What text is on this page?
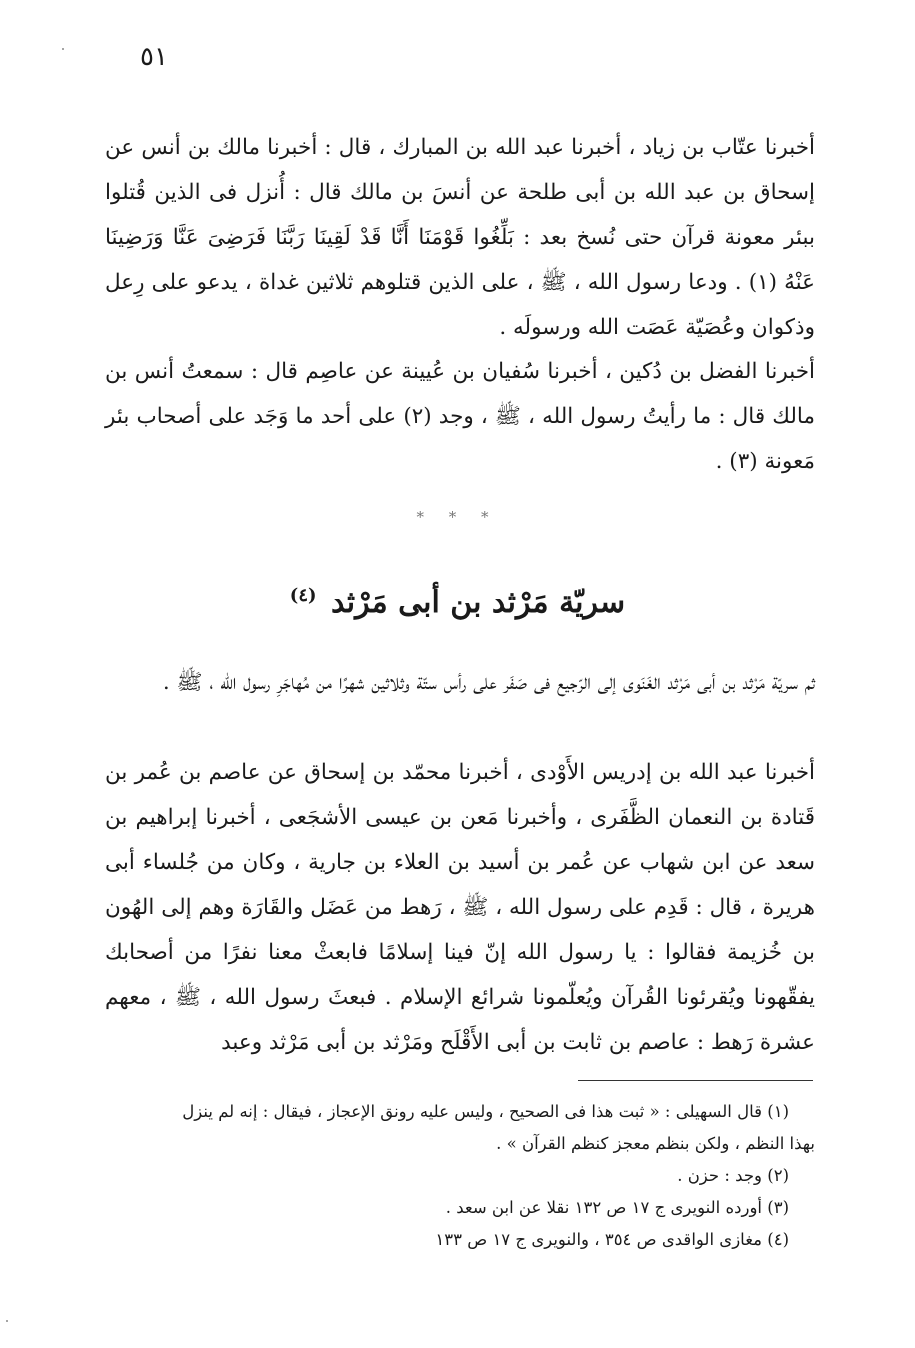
٥١

أخبرنا عتّاب بن زياد ، أخبرنا عبد الله بن المبارك ، قال : أخبرنا مالك بن أنس عن إسحاق بن عبد الله بن أبى طلحة عن أنسَ بن مالك قال : أُنزل فى الذين قُتلوا ببئر معونة قرآن حتى نُسخ بعد : بَلِّغُوا قَوْمَنَا أَنَّا قَدْ لَقِينَا رَبَّنَا فَرَضِىَ عَنَّا وَرَضِينَا عَنْهُ (١) . ودعا رسول الله ، ﷺ ، على الذين قتلوهم ثلاثين غداة ، يدعو على رِعل وذكوان وعُصَيّة عَصَت الله ورسولَه .

أخبرنا الفضل بن دُكين ، أخبرنا سُفيان بن عُيينة عن عاصِم قال : سمعتُ أنس بن مالك قال : ما رأيتُ رسول الله ، ﷺ ، وجد (٢) على أحد ما وَجَد على أصحاب بئر مَعونة (٣) .

* * *
سريّة مَرْثد بن أبى مَرْثد $^{(٤)}$

ثم سريّة مَرْثد بن أبى مَرْثد الغَنَوى إلى الرّجيع فى صَفَر على رأس ستّة وثلاثين شهرًا من مُهاجَرِ رسول الله ، ﷺ .

أخبرنا عبد الله بن إدريس الأَوْدى ، أخبرنا محمّد بن إسحاق عن عاصم بن عُمر بن قَتادة بن النعمان الظَّفَرى ، وأخبرنا مَعن بن عيسى الأشجَعى ، أخبرنا إبراهيم بن سعد عن ابن شهاب عن عُمر بن أسيد بن العلاء بن جارية ، وكان من جُلساء أبى هريرة ، قال : قَدِم على رسول الله ، ﷺ ، رَهط من عَضَل والقَارَة وهم إلى الهُون بن خُزيمة فقالوا : يا رسول الله إنّ فينا إسلامًا فابعثْ معنا نفرًا من أصحابك يفقّهونا ويُقرئونا القُرآن ويُعلّمونا شرائع الإسلام . فبعثَ رسول الله ، ﷺ ، معهم عشرة رَهط : عاصم بن ثابت بن أبى الأَقْلَح ومَرْثد بن أبى مَرْثد وعبد

(١) قال السهيلى : « ثبت هذا فى الصحيح ، وليس عليه رونق الإعجاز ، فيقال : إنه لم ينزل
بهذا النظم ، ولكن بنظم معجز كنظم القرآن » .

(٢) وجد : حزن .

(٣) أورده النويرى ج ١٧ ص ١٣٢ نقلا عن ابن سعد .

(٤) مغازى الواقدى ص ٣٥٤ ، والنويرى ج ١٧ ص ١٣٣
